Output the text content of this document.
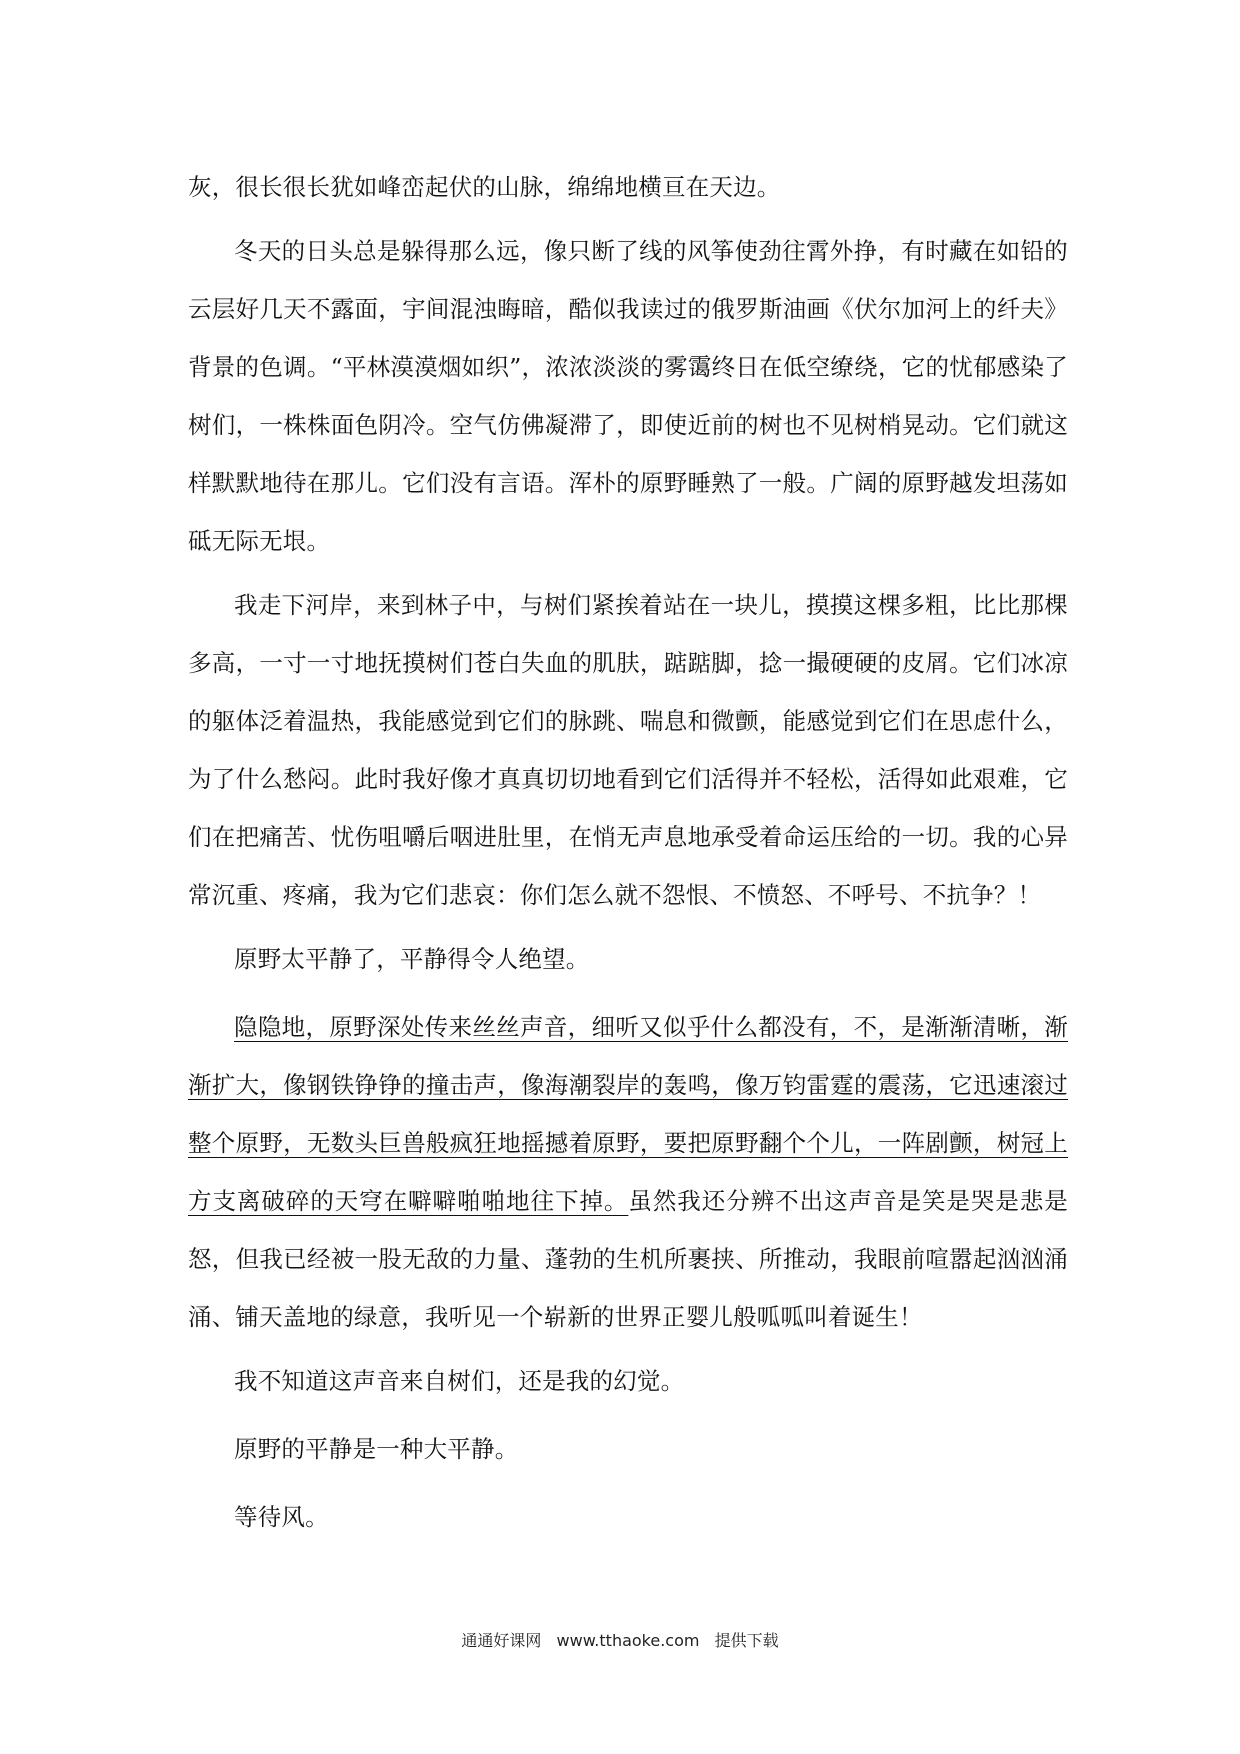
灰，很长很长犹如峰峦起伏的山脉，绵绵地横亘在天边。

冬天的日头总是躲得那么远，像只断了线的风筝使劲往霄外挣，有时藏在如铅的云层好几天不露面，宇间混浊晦暗，酷似我读过的俄罗斯油画《伏尔加河上的纤夫》背景的色调。“平林漠漠烟如织”，浓浓淡淡的雾霭终日在低空缭绕，它的忧郁感染了树们，一株株面色阴冷。空气仿佛凝滞了，即使近前的树也不见树梢晃动。它们就这样默默地待在那儿。它们没有言语。浑朴的原野睡熟了一般。广阔的原野越发坦荡如砥无际无垠。

我走下河岸，来到林子中，与树们紧挨着站在一块儿，摸摸这棵多粗，比比那棵多高，一寸一寸地抚摸树们苍白失血的肌肤，踮踮脚，捻一撮硬硬的皮屑。它们冰凉的躯体泛着温热，我能感觉到它们的脉跳、喘息和微颤，能感觉到它们在思虑什么，为了什么愁闷。此时我好像才真真切切地看到它们活得并不轻松，活得如此艰难，它们在把痛苦、忧伤咀嚼后咽进肚里，在悄无声息地承受着命运压给的一切。我的心异常沉重、疼痛，我为它们悲哀：你们怎么就不怨恨、不愤怒、不呼号、不抗争？！

原野太平静了，平静得令人绝望。

隐隐地，原野深处传来丝丝声音，细听又似乎什么都没有，不，是渐渐清晰，渐渐扩大，像钢铁铮铮的撞击声，像海潮裂岸的轰鸣，像万钧雷霆的震荡，它迅速滚过整个原野，无数头巨兽般疯狂地摇撼着原野，要把原野翻个个儿，一阵剧颤，树冠上方支离破碎的天穹在噼噼啪啪地往下掉。虽然我还分辨不出这声音是笑是哭是悲是怒，但我已经被一股无敌的力量、蓬勃的生机所裹挟、所推动，我眼前喧嚣起汹汹涌涌、铺天盖地的绿意，我听见一个崭新的世界正婴儿般呱呱叫着诞生！

我不知道这声音来自树们，还是我的幻觉。

原野的平静是一种大平静。

等待风。

通通好课网 www.tthaoke.com 提供下载
